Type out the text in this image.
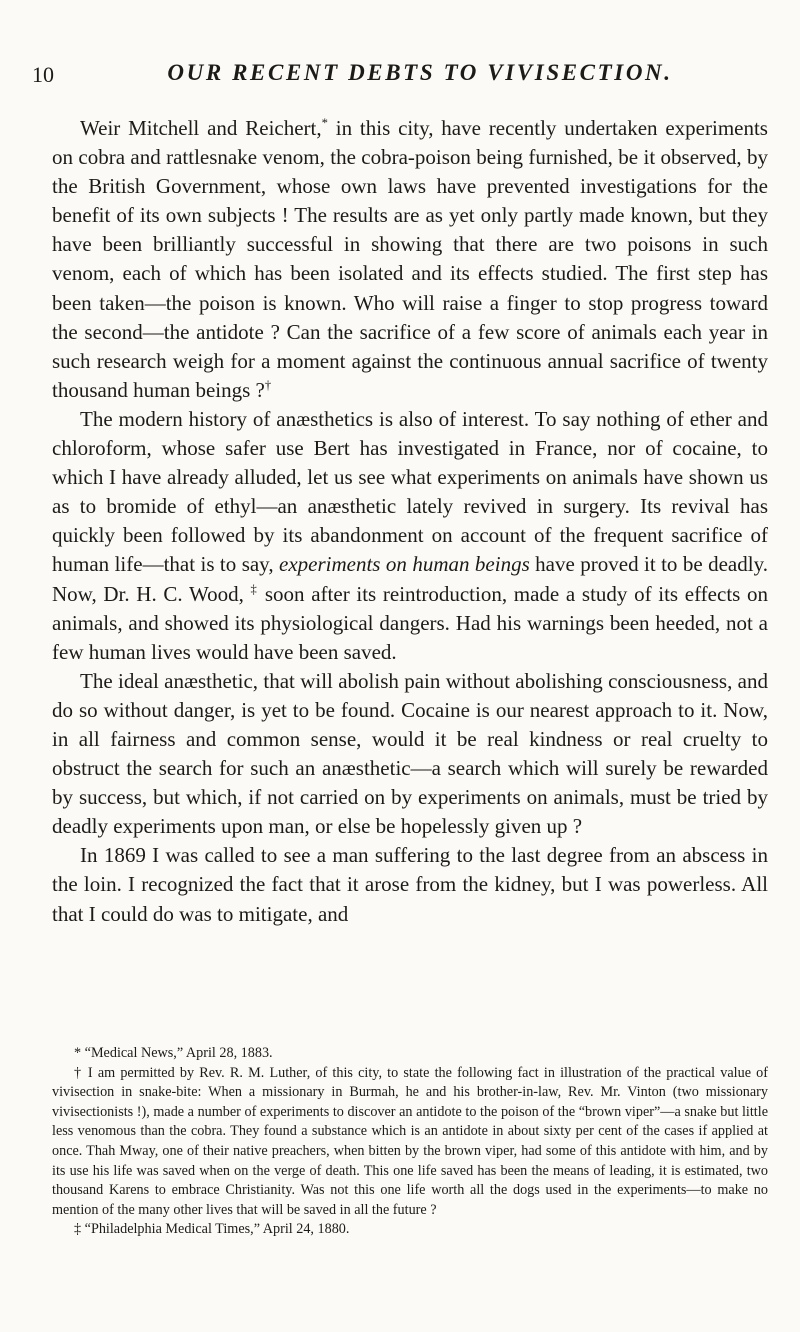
10	OUR RECENT DEBTS TO VIVISECTION.

Weir Mitchell and Reichert,* in this city, have recently undertaken experiments on cobra and rattlesnake venom, the cobra-poison being furnished, be it observed, by the British Government, whose own laws have prevented investigations for the benefit of its own subjects ! The results are as yet only partly made known, but they have been brilliantly successful in showing that there are two poisons in such venom, each of which has been isolated and its effects studied. The first step has been taken—the poison is known. Who will raise a finger to stop progress toward the second—the antidote ? Can the sacrifice of a few score of animals each year in such research weigh for a moment against the continuous annual sacrifice of twenty thousand human beings ?†

The modern history of anæsthetics is also of interest. To say nothing of ether and chloroform, whose safer use Bert has investigated in France, nor of cocaine, to which I have already alluded, let us see what experiments on animals have shown us as to bromide of ethyl—an anæsthetic lately revived in surgery. Its revival has quickly been followed by its abandonment on account of the frequent sacrifice of human life—that is to say, experiments on human beings have proved it to be deadly. Now, Dr. H. C. Wood, ‡ soon after its reintroduction, made a study of its effects on animals, and showed its physiological dangers. Had his warnings been heeded, not a few human lives would have been saved.

The ideal anæsthetic, that will abolish pain without abolishing consciousness, and do so without danger, is yet to be found. Cocaine is our nearest approach to it. Now, in all fairness and common sense, would it be real kindness or real cruelty to obstruct the search for such an anæsthetic—a search which will surely be rewarded by success, but which, if not carried on by experiments on animals, must be tried by deadly experiments upon man, or else be hopelessly given up ?

In 1869 I was called to see a man suffering to the last degree from an abscess in the loin. I recognized the fact that it arose from the kidney, but I was powerless. All that I could do was to mitigate, and

* “Medical News,” April 28, 1883.

† I am permitted by Rev. R. M. Luther, of this city, to state the following fact in illustration of the practical value of vivisection in snake-bite: When a missionary in Burmah, he and his brother-in-law, Rev. Mr. Vinton (two missionary vivisectionists !), made a number of experiments to discover an antidote to the poison of the “brown viper”—a snake but little less venomous than the cobra. They found a substance which is an antidote in about sixty per cent of the cases if applied at once. Thah Mway, one of their native preachers, when bitten by the brown viper, had some of this antidote with him, and by its use his life was saved when on the verge of death. This one life saved has been the means of leading, it is estimated, two thousand Karens to embrace Christianity. Was not this one life worth all the dogs used in the experiments—to make no mention of the many other lives that will be saved in all the future ?

‡ “Philadelphia Medical Times,” April 24, 1880.
